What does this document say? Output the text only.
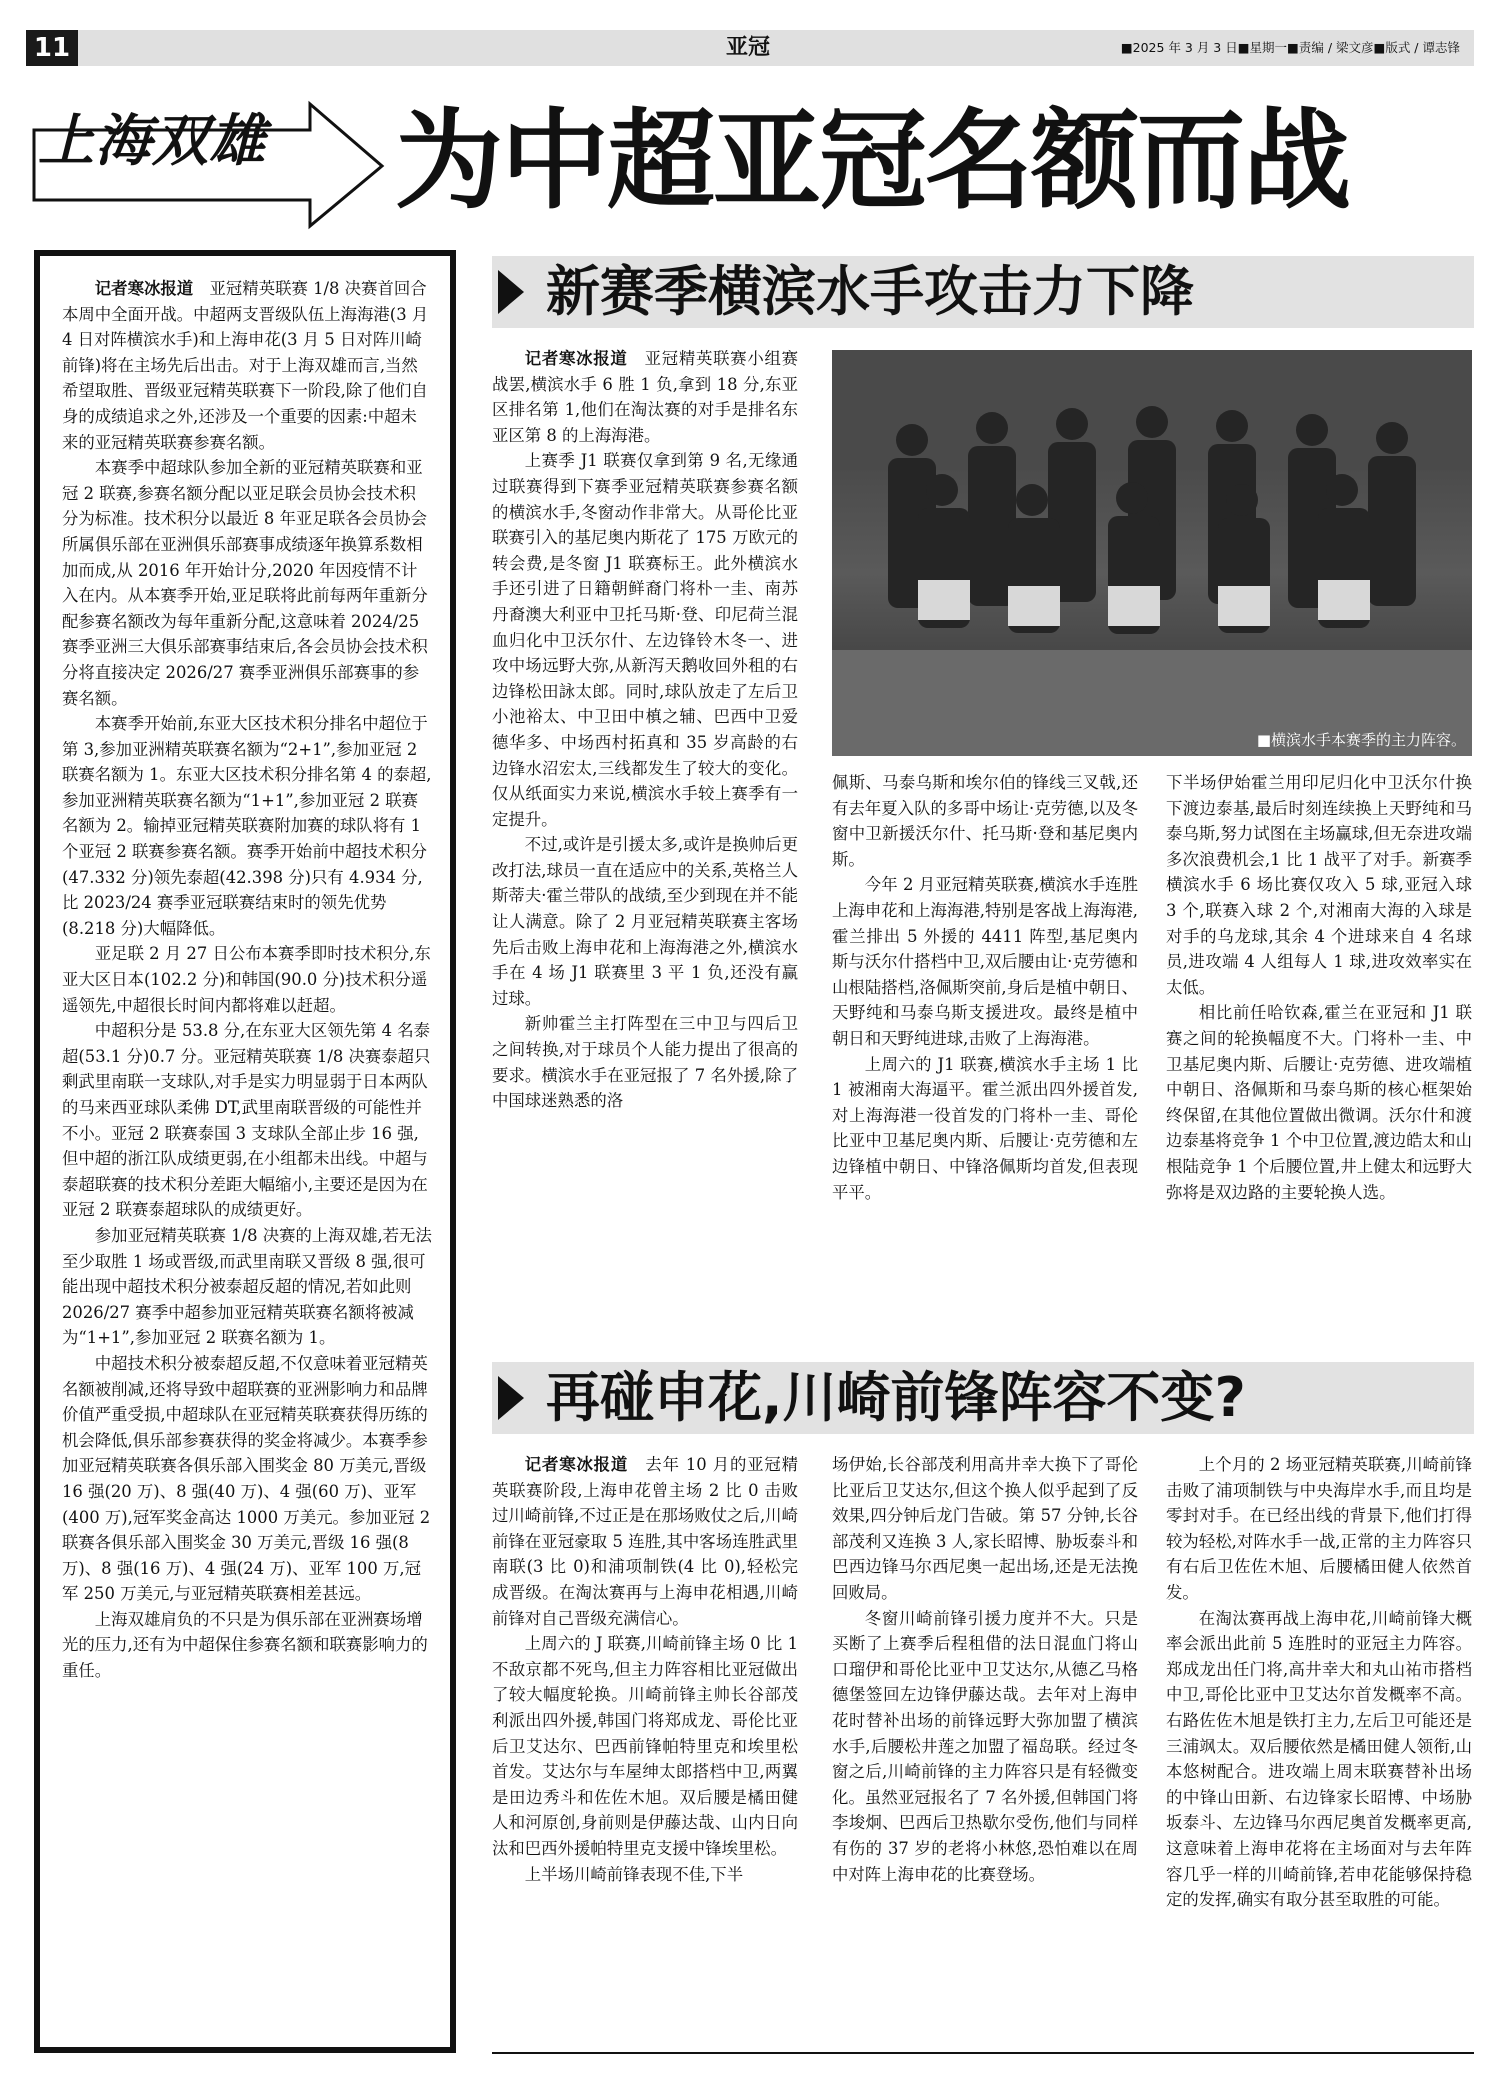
11	亚冠	■2025 年 3 月 3 日■星期一■责编 / 梁文彦■版式 / 谭志锋
上海双雄 为中超亚冠名额而战

记者寒冰报道  亚冠精英联赛 1/8 决赛首回合本周中全面开战。中超两支晋级队伍上海海港(3 月 4 日对阵横滨水手)和上海申花(3 月 5 日对阵川崎前锋)将在主场先后出击。对于上海双雄而言,当然希望取胜、晋级亚冠精英联赛下一阶段,除了他们自身的成绩追求之外,还涉及一个重要的因素:中超未来的亚冠精英联赛参赛名额。

本赛季中超球队参加全新的亚冠精英联赛和亚冠 2 联赛,参赛名额分配以亚足联会员协会技术积分为标准。技术积分以最近 8 年亚足联各会员协会所属俱乐部在亚洲俱乐部赛事成绩逐年换算系数相加而成,从 2016 年开始计分,2020 年因疫情不计入在内。从本赛季开始,亚足联将此前每两年重新分配参赛名额改为每年重新分配,这意味着 2024/25 赛季亚洲三大俱乐部赛事结束后,各会员协会技术积分将直接决定 2026/27 赛季亚洲俱乐部赛事的参赛名额。

本赛季开始前,东亚大区技术积分排名中超位于第 3,参加亚洲精英联赛名额为“2+1”,参加亚冠 2 联赛名额为 1。东亚大区技术积分排名第 4 的泰超,参加亚洲精英联赛名额为“1+1”,参加亚冠 2 联赛名额为 2。输掉亚冠精英联赛附加赛的球队将有 1 个亚冠 2 联赛参赛名额。赛季开始前中超技术积分(47.332 分)领先泰超(42.398 分)只有 4.934 分,比 2023/24 赛季亚冠联赛结束时的领先优势(8.218 分)大幅降低。

亚足联 2 月 27 日公布本赛季即时技术积分,东亚大区日本(102.2 分)和韩国(90.0 分)技术积分遥遥领先,中超很长时间内都将难以赶超。

中超积分是 53.8 分,在东亚大区领先第 4 名泰超(53.1 分)0.7 分。亚冠精英联赛 1/8 决赛泰超只剩武里南联一支球队,对手是实力明显弱于日本两队的马来西亚球队柔佛 DT,武里南联晋级的可能性并不小。亚冠 2 联赛泰国 3 支球队全部止步 16 强,但中超的浙江队成绩更弱,在小组都未出线。中超与泰超联赛的技术积分差距大幅缩小,主要还是因为在亚冠 2 联赛泰超球队的成绩更好。

参加亚冠精英联赛 1/8 决赛的上海双雄,若无法至少取胜 1 场或晋级,而武里南联又晋级 8 强,很可能出现中超技术积分被泰超反超的情况,若如此则 2026/27 赛季中超参加亚冠精英联赛名额将被减为“1+1”,参加亚冠 2 联赛名额为 1。

中超技术积分被泰超反超,不仅意味着亚冠精英名额被削减,还将导致中超联赛的亚洲影响力和品牌价值严重受损,中超球队在亚冠精英联赛获得历练的机会降低,俱乐部参赛获得的奖金将减少。本赛季参加亚冠精英联赛各俱乐部入围奖金 80 万美元,晋级 16 强(20 万)、8 强(40 万)、4 强(60 万)、亚军(400 万),冠军奖金高达 1000 万美元。参加亚冠 2 联赛各俱乐部入围奖金 30 万美元,晋级 16 强(8 万)、8 强(16 万)、4 强(24 万)、亚军 100 万,冠军 250 万美元,与亚冠精英联赛相差甚远。

上海双雄肩负的不只是为俱乐部在亚洲赛场增光的压力,还有为中超保住参赛名额和联赛影响力的重任。

新赛季横滨水手攻击力下降

记者寒冰报道  亚冠精英联赛小组赛战罢,横滨水手 6 胜 1 负,拿到 18 分,东亚区排名第 1,他们在淘汰赛的对手是排名东亚区第 8 的上海海港。

上赛季 J1 联赛仅拿到第 9 名,无缘通过联赛得到下赛季亚冠精英联赛参赛名额的横滨水手,冬窗动作非常大。从哥伦比亚联赛引入的基尼奥内斯花了 175 万欧元的转会费,是冬窗 J1 联赛标王。此外横滨水手还引进了日籍朝鲜裔门将朴一圭、南苏丹裔澳大利亚中卫托马斯·登、印尼荷兰混血归化中卫沃尔什、左边锋铃木冬一、进攻中场远野大弥,从新泻天鹅收回外租的右边锋松田詠太郎。同时,球队放走了左后卫小池裕太、中卫田中槙之辅、巴西中卫爱德华多、中场西村拓真和 35 岁高龄的右边锋水沼宏太,三线都发生了较大的变化。仅从纸面实力来说,横滨水手较上赛季有一定提升。

不过,或许是引援太多,或许是换帅后更改打法,球员一直在适应中的关系,英格兰人斯蒂夫·霍兰带队的战绩,至少到现在并不能让人满意。除了 2 月亚冠精英联赛主客场先后击败上海申花和上海海港之外,横滨水手在 4 场 J1 联赛里 3 平 1 负,还没有赢过球。

新帅霍兰主打阵型在三中卫与四后卫之间转换,对于球员个人能力提出了很高的要求。横滨水手在亚冠报了 7 名外援,除了中国球迷熟悉的洛

■横滨水手本赛季的主力阵容。

佩斯、马泰乌斯和埃尔伯的锋线三叉戟,还有去年夏入队的多哥中场让·克劳德,以及冬窗中卫新援沃尔什、托马斯·登和基尼奥内斯。

今年 2 月亚冠精英联赛,横滨水手连胜上海申花和上海海港,特别是客战上海海港,霍兰排出 5 外援的 4411 阵型,基尼奥内斯与沃尔什搭档中卫,双后腰由让·克劳德和山根陆搭档,洛佩斯突前,身后是植中朝日、天野纯和马泰乌斯支援进攻。最终是植中朝日和天野纯进球,击败了上海海港。

上周六的 J1 联赛,横滨水手主场 1 比 1 被湘南大海逼平。霍兰派出四外援首发,对上海海港一役首发的门将朴一圭、哥伦比亚中卫基尼奥内斯、后腰让·克劳德和左边锋植中朝日、中锋洛佩斯均首发,但表现平平。

下半场伊始霍兰用印尼归化中卫沃尔什换下渡边泰基,最后时刻连续换上天野纯和马泰乌斯,努力试图在主场赢球,但无奈进攻端多次浪费机会,1 比 1 战平了对手。新赛季横滨水手 6 场比赛仅攻入 5 球,亚冠入球 3 个,联赛入球 2 个,对湘南大海的入球是对手的乌龙球,其余 4 个进球来自 4 名球员,进攻端 4 人组每人 1 球,进攻效率实在太低。

相比前任哈钦森,霍兰在亚冠和 J1 联赛之间的轮换幅度不大。门将朴一圭、中卫基尼奥内斯、后腰让·克劳德、进攻端植中朝日、洛佩斯和马泰乌斯的核心框架始终保留,在其他位置做出微调。沃尔什和渡边泰基将竞争 1 个中卫位置,渡边皓太和山根陆竞争 1 个后腰位置,井上健太和远野大弥将是双边路的主要轮换人选。

再碰申花,川崎前锋阵容不变?

记者寒冰报道  去年 10 月的亚冠精英联赛阶段,上海申花曾主场 2 比 0 击败过川崎前锋,不过正是在那场败仗之后,川崎前锋在亚冠豪取 5 连胜,其中客场连胜武里南联(3 比 0)和浦项制铁(4 比 0),轻松完成晋级。在淘汰赛再与上海申花相遇,川崎前锋对自己晋级充满信心。

上周六的 J 联赛,川崎前锋主场 0 比 1 不敌京都不死鸟,但主力阵容相比亚冠做出了较大幅度轮换。川崎前锋主帅长谷部茂利派出四外援,韩国门将郑成龙、哥伦比亚后卫艾达尔、巴西前锋帕特里克和埃里松首发。艾达尔与车屋绅太郎搭档中卫,两翼是田边秀斗和佐佐木旭。双后腰是橘田健人和河原创,身前则是伊藤达哉、山内日向汰和巴西外援帕特里克支援中锋埃里松。

上半场川崎前锋表现不佳,下半

场伊始,长谷部茂利用高井幸大换下了哥伦比亚后卫艾达尔,但这个换人似乎起到了反效果,四分钟后龙门告破。第 57 分钟,长谷部茂利又连换 3 人,家长昭博、胁坂泰斗和巴西边锋马尔西尼奥一起出场,还是无法挽回败局。

冬窗川崎前锋引援力度并不大。只是买断了上赛季后程租借的法日混血门将山口瑠伊和哥伦比亚中卫艾达尔,从德乙马格德堡签回左边锋伊藤达哉。去年对上海申花时替补出场的前锋远野大弥加盟了横滨水手,后腰松井莲之加盟了福岛联。经过冬窗之后,川崎前锋的主力阵容只是有轻微变化。虽然亚冠报名了 7 名外援,但韩国门将李埈炯、巴西后卫热歇尔受伤,他们与同样有伤的 37 岁的老将小林悠,恐怕难以在周中对阵上海申花的比赛登场。

上个月的 2 场亚冠精英联赛,川崎前锋击败了浦项制铁与中央海岸水手,而且均是零封对手。在已经出线的背景下,他们打得较为轻松,对阵水手一战,正常的主力阵容只有右后卫佐佐木旭、后腰橘田健人依然首发。

在淘汰赛再战上海申花,川崎前锋大概率会派出此前 5 连胜时的亚冠主力阵容。郑成龙出任门将,高井幸大和丸山祐市搭档中卫,哥伦比亚中卫艾达尔首发概率不高。右路佐佐木旭是铁打主力,左后卫可能还是三浦飒太。双后腰依然是橘田健人领衔,山本悠树配合。进攻端上周末联赛替补出场的中锋山田新、右边锋家长昭博、中场胁坂泰斗、左边锋马尔西尼奥首发概率更高,这意味着上海申花将在主场面对与去年阵容几乎一样的川崎前锋,若申花能够保持稳定的发挥,确实有取分甚至取胜的可能。
